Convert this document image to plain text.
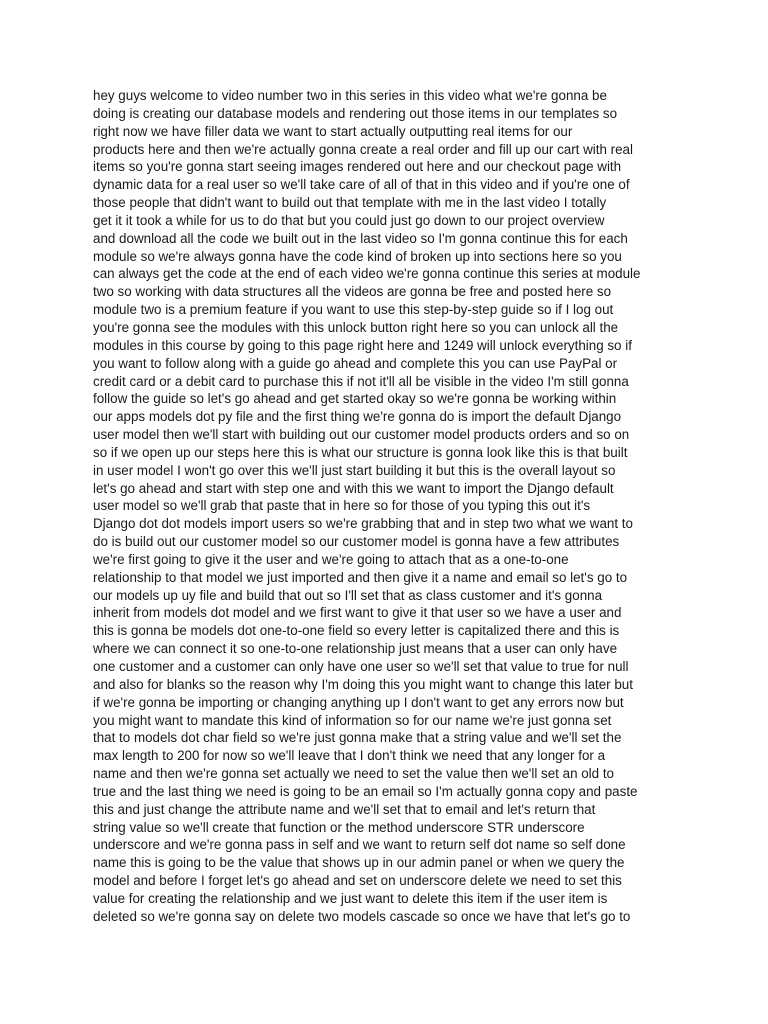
hey guys welcome to video number two in this series in this video what we're gonna be
doing is creating our database models and rendering out those items in our templates so
right now we have filler data we want to start actually outputting real items for our
products here and then we're actually gonna create a real order and fill up our cart with real
items so you're gonna start seeing images rendered out here and our checkout page with
dynamic data for a real user so we'll take care of all of that in this video and if you're one of
those people that didn't want to build out that template with me in the last video I totally
get it it took a while for us to do that but you could just go down to our project overview
and download all the code we built out in the last video so I'm gonna continue this for each
module so we're always gonna have the code kind of broken up into sections here so you
can always get the code at the end of each video we're gonna continue this series at module
two so working with data structures all the videos are gonna be free and posted here so
module two is a premium feature if you want to use this step-by-step guide so if I log out
you're gonna see the modules with this unlock button right here so you can unlock all the
modules in this course by going to this page right here and 1249 will unlock everything so if
you want to follow along with a guide go ahead and complete this you can use PayPal or
credit card or a debit card to purchase this if not it'll all be visible in the video I'm still gonna
follow the guide so let's go ahead and get started okay so we're gonna be working within
our apps models dot py file and the first thing we're gonna do is import the default Django
user model then we'll start with building out our customer model products orders and so on
so if we open up our steps here this is what our structure is gonna look like this is that built
in user model I won't go over this we'll just start building it but this is the overall layout so
let's go ahead and start with step one and with this we want to import the Django default
user model so we'll grab that paste that in here so for those of you typing this out it's
Django dot dot models import users so we're grabbing that and in step two what we want to
do is build out our customer model so our customer model is gonna have a few attributes
we're first going to give it the user and we're going to attach that as a one-to-one
relationship to that model we just imported and then give it a name and email so let's go to
our models up uy file and build that out so I'll set that as class customer and it's gonna
inherit from models dot model and we first want to give it that user so we have a user and
this is gonna be models dot one-to-one field so every letter is capitalized there and this is
where we can connect it so one-to-one relationship just means that a user can only have
one customer and a customer can only have one user so we'll set that value to true for null
and also for blanks so the reason why I'm doing this you might want to change this later but
if we're gonna be importing or changing anything up I don't want to get any errors now but
you might want to mandate this kind of information so for our name we're just gonna set
that to models dot char field so we're just gonna make that a string value and we'll set the
max length to 200 for now so we'll leave that I don't think we need that any longer for a
name and then we're gonna set actually we need to set the value then we'll set an old to
true and the last thing we need is going to be an email so I'm actually gonna copy and paste
this and just change the attribute name and we'll set that to email and let's return that
string value so we'll create that function or the method underscore STR underscore
underscore and we're gonna pass in self and we want to return self dot name so self done
name this is going to be the value that shows up in our admin panel or when we query the
model and before I forget let's go ahead and set on underscore delete we need to set this
value for creating the relationship and we just want to delete this item if the user item is
deleted so we're gonna say on delete two models cascade so once we have that let's go to
